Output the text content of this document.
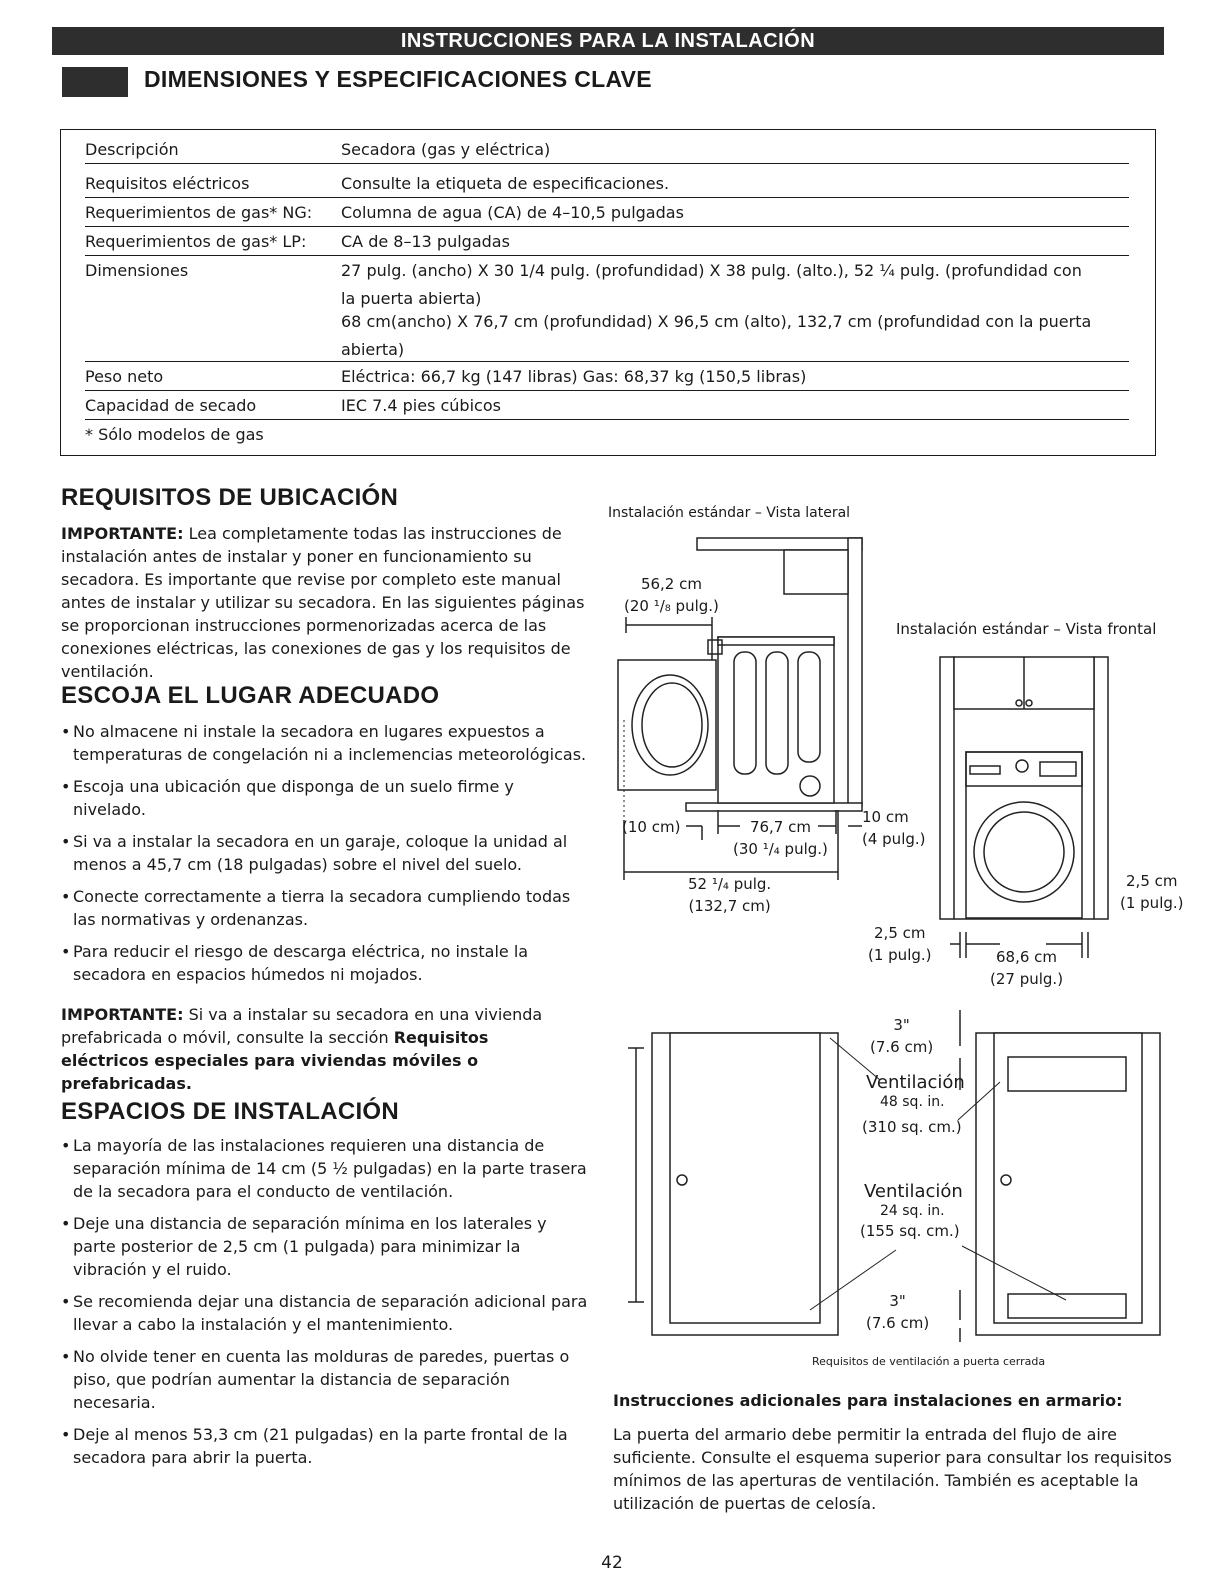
INSTRUCCIONES PARA LA INSTALACIÓN
DIMENSIONES Y ESPECIFICACIONES CLAVE
Descripción	Secadora (gas y eléctrica)
Requisitos eléctricos	Consulte la etiqueta de especificaciones.
Requerimientos de gas* NG: Columna de agua (CA) de 4–10,5 pulgadas
Requerimientos de gas* LP: CA de 8–13 pulgadas
Dimensiones	27 pulg. (ancho) X 30 1/4 pulg. (profundidad) X 38 pulg. (alto.), 52 ¼ pulg. (profundidad con la puerta abierta)
68 cm(ancho) X 76,7 cm (profundidad) X 96,5 cm (alto), 132,7 cm (profundidad con la puerta abierta)
Peso neto	Eléctrica: 66,7 kg (147 libras) Gas: 68,37 kg (150,5 libras)
Capacidad de secado	IEC 7.4 pies cúbicos
* Sólo modelos de gas
REQUISITOS DE UBICACIÓN
IMPORTANTE: Lea completamente todas las instrucciones de instalación antes de instalar y poner en funcionamiento su secadora. Es importante que revise por completo este manual antes de instalar y utilizar su secadora. En las siguientes páginas se proporcionan instrucciones pormenorizadas acerca de las conexiones eléctricas, las conexiones de gas y los requisitos de ventilación.
ESCOJA EL LUGAR ADECUADO
• No almacene ni instale la secadora en lugares expuestos a temperaturas de congelación ni a inclemencias meteorológicas.
• Escoja una ubicación que disponga de un suelo firme y nivelado.
• Si va a instalar la secadora en un garaje, coloque la unidad al menos a 45,7 cm (18 pulgadas) sobre el nivel del suelo.
• Conecte correctamente a tierra la secadora cumpliendo todas las normativas y ordenanzas.
• Para reducir el riesgo de descarga eléctrica, no instale la secadora en espacios húmedos ni mojados.
IMPORTANTE: Si va a instalar su secadora en una vivienda prefabricada o móvil, consulte la sección Requisitos eléctricos especiales para viviendas móviles o prefabricadas.
ESPACIOS DE INSTALACIÓN
• La mayoría de las instalaciones requieren una distancia de separación mínima de 14 cm (5 ½ pulgadas) en la parte trasera de la secadora para el conducto de ventilación.
• Deje una distancia de separación mínima en los laterales y parte posterior de 2,5 cm (1 pulgada) para minimizar la vibración y el ruido.
• Se recomienda dejar una distancia de separación adicional para llevar a cabo la instalación y el mantenimiento.
• No olvide tener en cuenta las molduras de paredes, puertas o piso, que podrían aumentar la distancia de separación necesaria.
• Deje al menos 53,3 cm (21 pulgadas) en la parte frontal de la secadora para abrir la puerta.
Instalación estándar – Vista lateral
56,2 cm
(20 ¹/₈ pulg.)
(10 cm)	76,7 cm
(30 ¹/₄ pulg.)
10 cm
(4 pulg.)
52 ¹/₄ pulg.
(132,7 cm)
Instalación estándar – Vista frontal
2,5 cm
(1 pulg.)
2,5 cm
(1 pulg.)	68,6 cm
(27 pulg.)
3"
(7.6 cm)
Ventilación
48 sq. in.
(310 sq. cm.)
Ventilación
24 sq. in.
(155 sq. cm.)
3"
(7.6 cm)
Requisitos de ventilación a puerta cerrada
Instrucciones adicionales para instalaciones en armario:
La puerta del armario debe permitir la entrada del flujo de aire suficiente. Consulte el esquema superior para consultar los requisitos mínimos de las aperturas de ventilación. También es aceptable la utilización de puertas de celosía.
42
